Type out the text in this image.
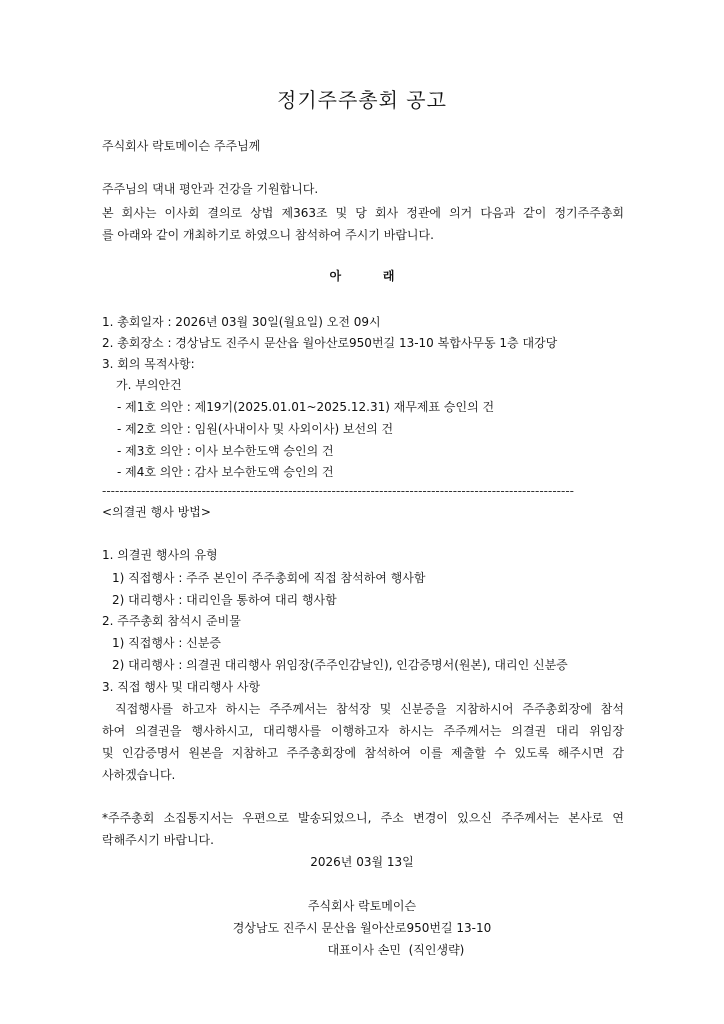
정기주주총회 공고
주식회사 락토메이슨 주주님께
주주님의 댁내 평안과 건강을 기원합니다.
본 회사는 이사회 결의로 상법 제363조 및 당 회사 정관에 의거 다음과 같이 정기주주총회
를 아래와 같이 개최하기로 하였으니 참석하여 주시기 바랍니다.
아          래
1. 총회일자 : 2026년 03월 30일(월요일) 오전 09시
2. 총회장소 : 경상남도 진주시 문산읍 월아산로950번길 13-10 복합사무동 1층 대강당
3. 회의 목적사항:
가. 부의안건
- 제1호 의안 : 제19기(2025.01.01~2025.12.31) 재무제표 승인의 건
- 제2호 의안 : 임원(사내이사 및 사외이사) 보선의 건
- 제3호 의안 : 이사 보수한도액 승인의 건
- 제4호 의안 : 감사 보수한도액 승인의 건
-------------------------------------------------------------------------------------------------------------
<의결권 행사 방법>
1. 의결권 행사의 유형
1) 직접행사 : 주주 본인이 주주총회에 직접 참석하여 행사함
2) 대리행사 : 대리인을 통하여 대리 행사함
2. 주주총회 참석시 준비물
1) 직접행사 : 신분증
2) 대리행사 : 의결권 대리행사 위임장(주주인감날인), 인감증명서(원본), 대리인 신분증
3. 직접 행사 및 대리행사 사항
직접행사를 하고자 하시는 주주께서는 참석장 및 신분증을 지참하시어 주주총회장에 참석
하여 의결권을 행사하시고, 대리행사를 이행하고자 하시는 주주께서는 의결권 대리 위임장
및 인감증명서 원본을 지참하고 주주총회장에 참석하여 이를 제출할 수 있도록 해주시면 감
사하겠습니다.
*주주총회 소집통지서는 우편으로 발송되었으니, 주소 변경이 있으신 주주께서는 본사로 연
락해주시기 바랍니다.
2026년 03월 13일
주식회사 락토메이슨
경상남도 진주시 문산읍 월아산로950번길 13-10
대표이사 손민  (직인생략)
